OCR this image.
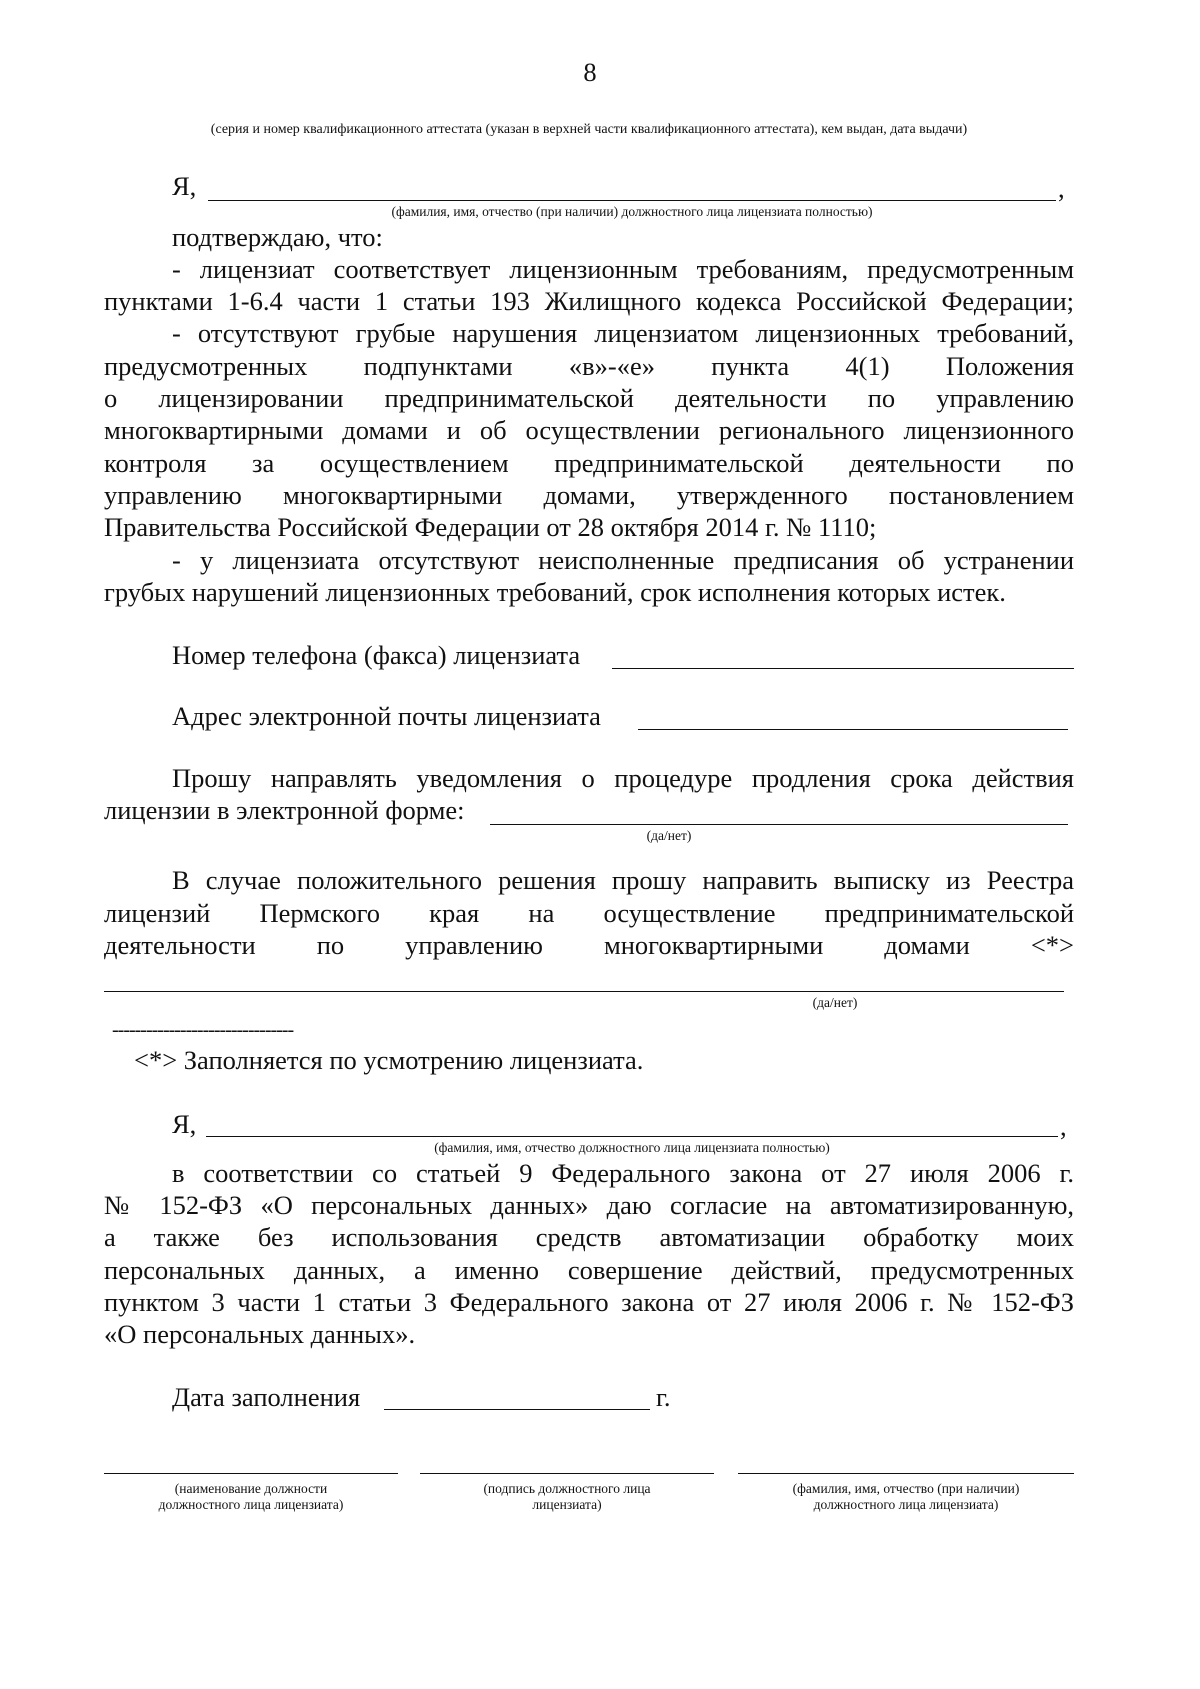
8
(серия и номер квалификационного аттестата (указан в верхней части квалификационного аттестата), кем выдан, дата выдачи)
Я,	,
(фамилия, имя, отчество (при наличии) должностного лица лицензиата полностью)
подтверждаю, что:
- лицензиат соответствует лицензионным требованиям, предусмотренным
пунктами 1-6.4 части 1 статьи 193 Жилищного кодекса Российской Федерации;
- отсутствуют грубые нарушения лицензиатом лицензионных требований,
предусмотренных подпунктами «в»-«е» пункта 4(1) Положения
о лицензировании предпринимательской деятельности по управлению
многоквартирными домами и об осуществлении регионального лицензионного
контроля за осуществлением предпринимательской деятельности по
управлению многоквартирными домами, утвержденного постановлением
Правительства Российской Федерации от 28 октября 2014 г. № 1110;
- у лицензиата отсутствуют неисполненные предписания об устранении
грубых нарушений лицензионных требований, срок исполнения которых истек.
Номер телефона (факса) лицензиата
Адрес электронной почты лицензиата
Прошу направлять уведомления о процедуре продления срока действия
лицензии в электронной форме:
(да/нет)
В случае положительного решения прошу направить выписку из Реестра
лицензий Пермского края на осуществление предпринимательской
деятельности по управлению многоквартирными домами <*>
(да/нет)
--------------------------------
<*> Заполняется по усмотрению лицензиата.
Я,	,
(фамилия, имя, отчество должностного лица лицензиата полностью)
в соответствии со статьей 9 Федерального закона от 27 июля 2006 г.
№ 152-ФЗ «О персональных данных» даю согласие на автоматизированную,
а также без использования средств автоматизации обработку моих
персональных данных, а именно совершение действий, предусмотренных
пунктом 3 части 1 статьи 3 Федерального закона от 27 июля 2006 г. № 152-ФЗ
«О персональных данных».
Дата заполнения	г.
(наименование должности
должностного лица лицензиата)
(подпись должностного лица
лицензиата)
(фамилия, имя, отчество (при наличии)
должностного лица лицензиата)
